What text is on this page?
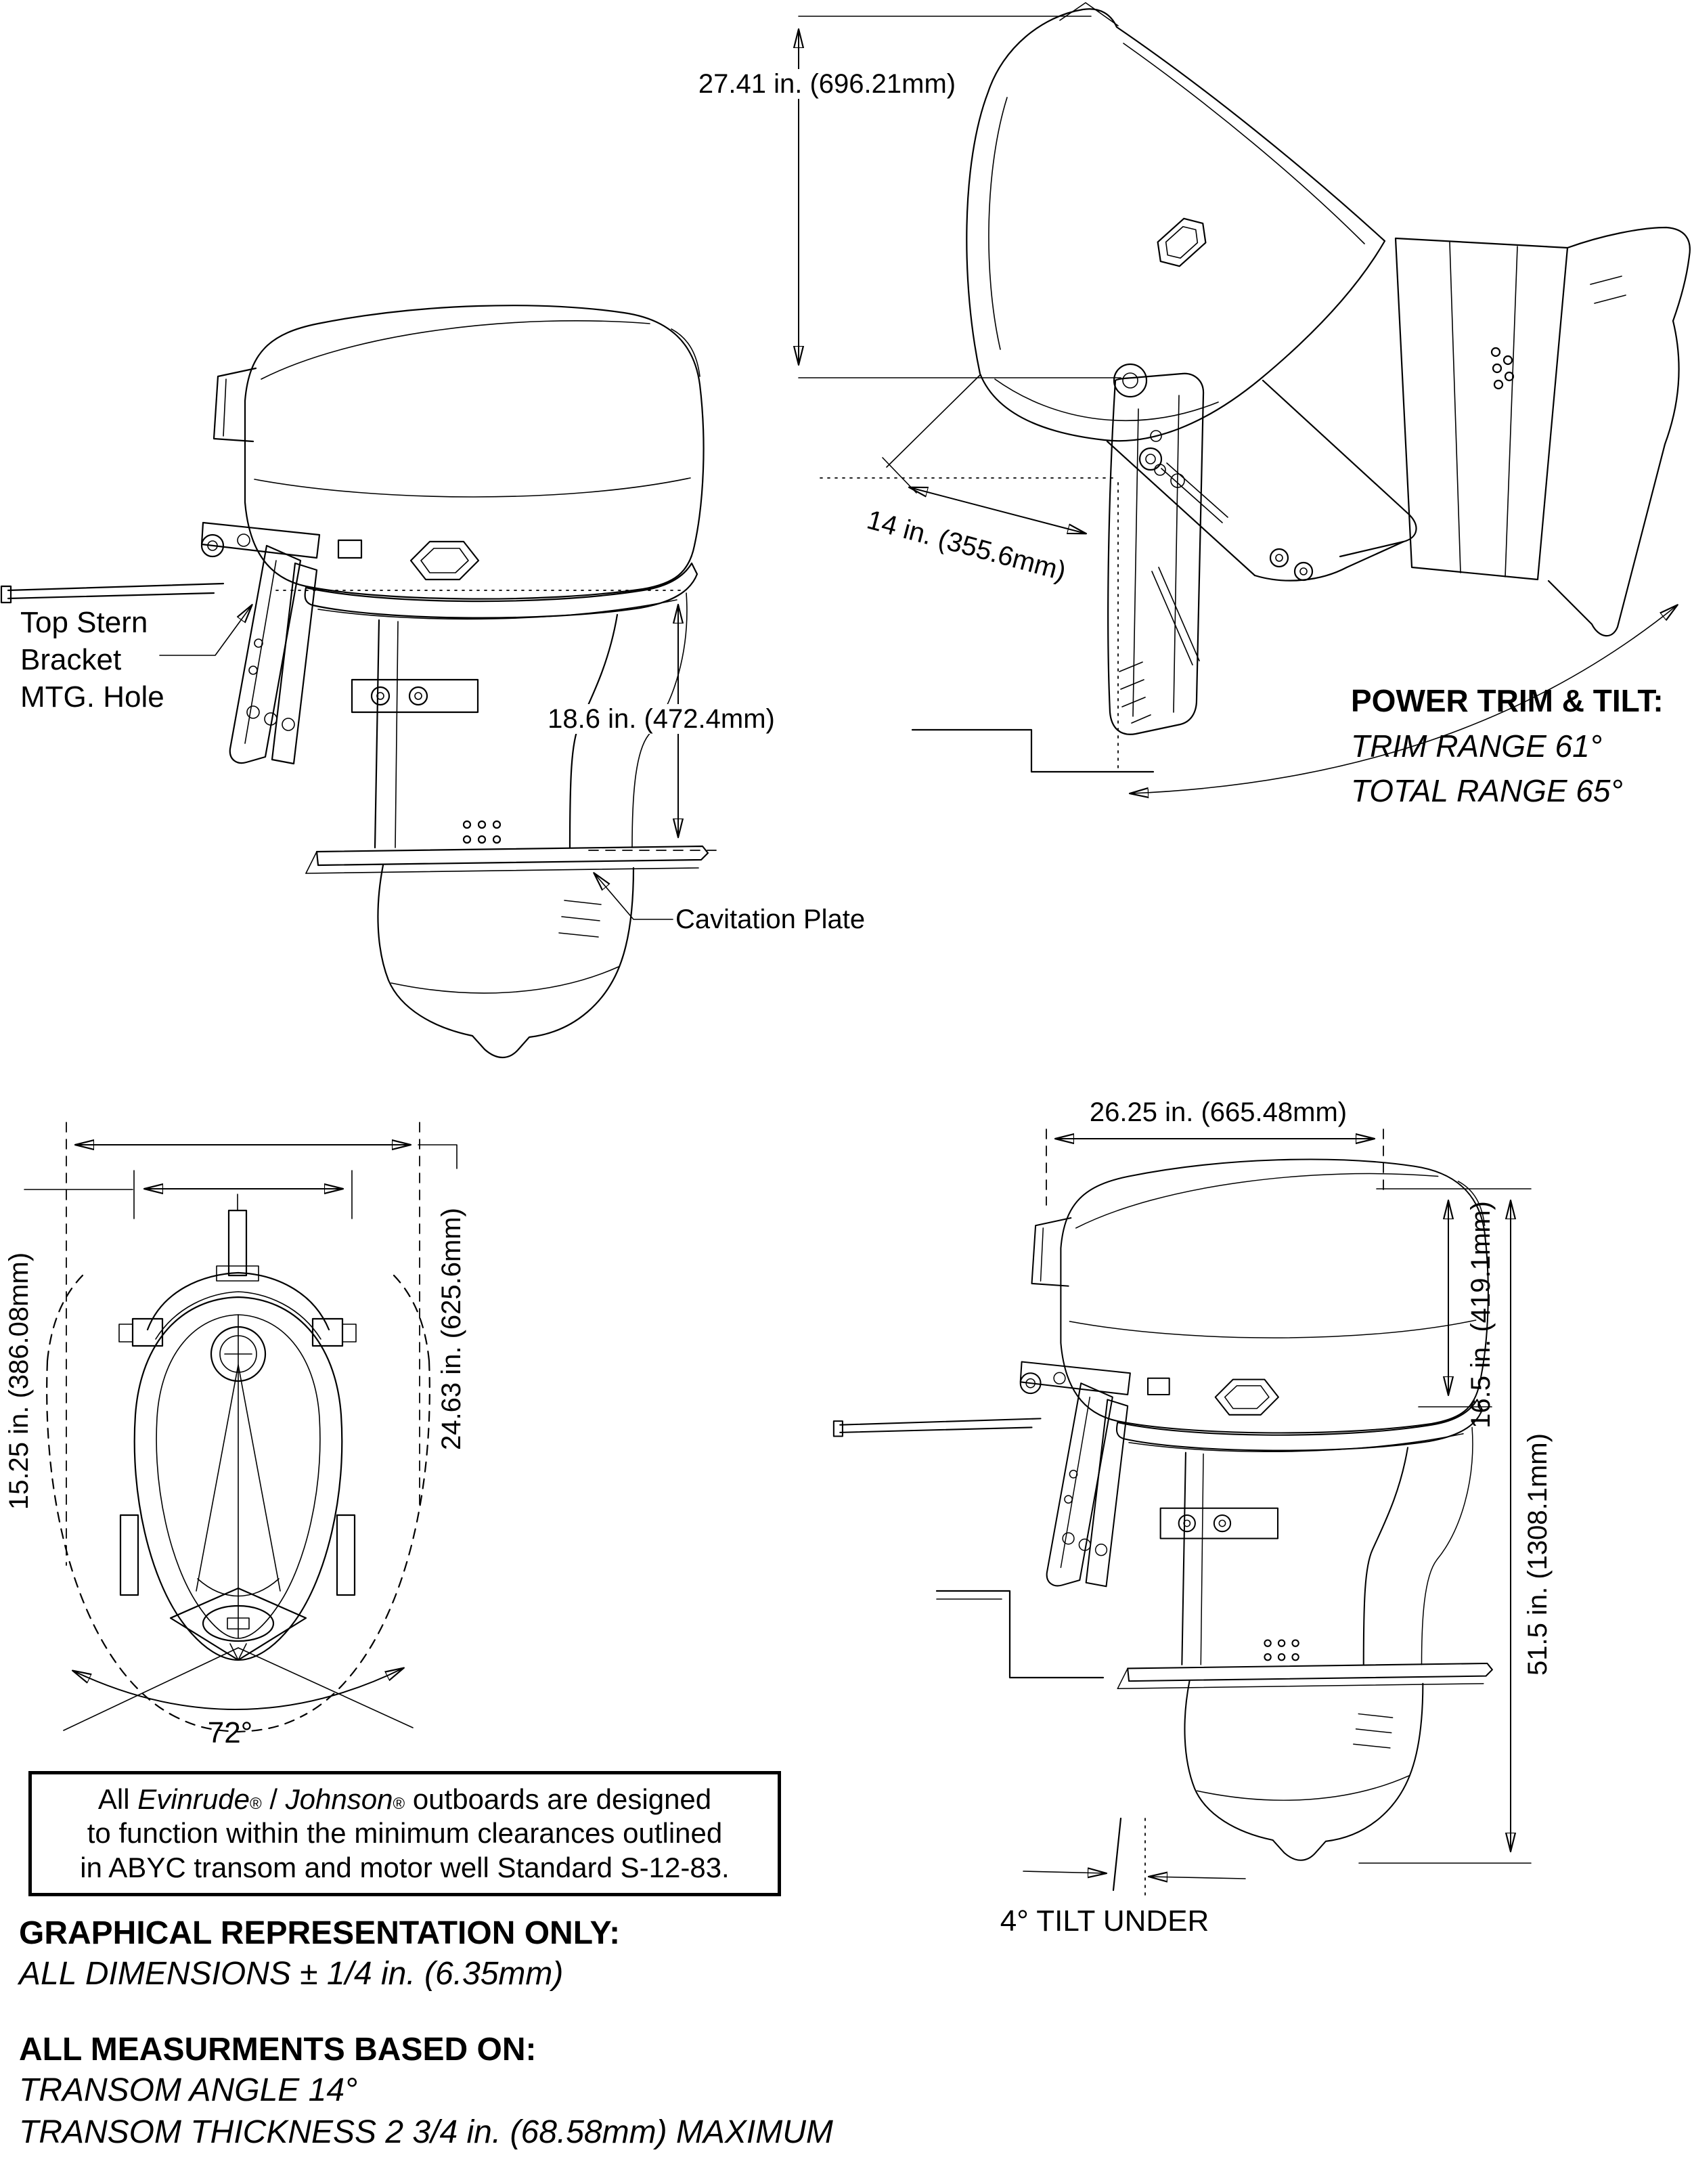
27.41 in. (696.21mm)
14 in. (355.6mm)
POWER TRIM & TILT:
TRIM RANGE 61°
TOTAL RANGE 65°
Top Stern
Bracket
MTG. Hole
18.6 in. (472.4mm)
Cavitation Plate
26.25 in. (665.48mm)
15.25 in. (386.08mm)	24.63 in. (625.6mm)
72°
16.5 in. (419.1mm)
51.5 in. (1308.1mm)
4° TILT UNDER
All Evinrude® / Johnson® outboards are designed
to function within the minimum clearances outlined
in ABYC transom and motor well Standard S-12-83.
GRAPHICAL REPRESENTATION ONLY:
ALL DIMENSIONS ± 1/4 in. (6.35mm)
ALL MEASURMENTS BASED ON:
TRANSOM ANGLE 14°
TRANSOM THICKNESS 2 3/4 in. (68.58mm) MAXIMUM
